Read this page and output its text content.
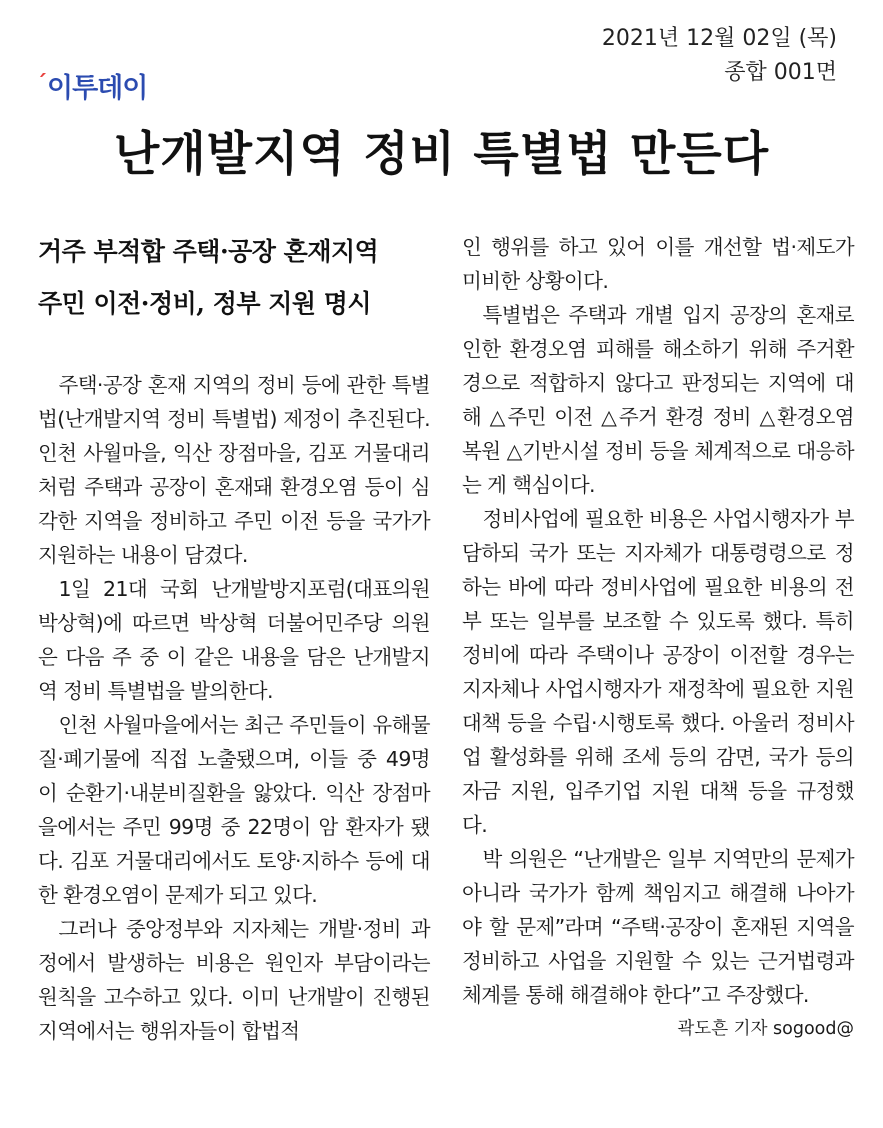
$^ˊ$이투데이
2021년 12월 02일 (목)
종합 001면
난개발지역 정비 특별법 만든다
거주 부적합 주택·공장 혼재지역
주민 이전·정비, 정부 지원 명시

주택·공장 혼재 지역의 정비 등에 관한 특별법(난개발지역 정비 특별법) 제정이 추진된다. 인천 사월마을, 익산 장점마을, 김포 거물대리처럼 주택과 공장이 혼재돼 환경오염 등이 심각한 지역을 정비하고 주민 이전 등을 국가가 지원하는 내용이 담겼다.

1일 21대 국회 난개발방지포럼(대표의원 박상혁)에 따르면 박상혁 더불어민주당 의원은 다음 주 중 이 같은 내용을 담은 난개발지역 정비 특별법을 발의한다.

인천 사월마을에서는 최근 주민들이 유해물질·폐기물에 직접 노출됐으며, 이들 중 49명이 순환기·내분비질환을 앓았다. 익산 장점마을에서는 주민 99명 중 22명이 암 환자가 됐다. 김포 거물대리에서도 토양·지하수 등에 대한 환경오염이 문제가 되고 있다.

그러나 중앙정부와 지자체는 개발·정비 과정에서 발생하는 비용은 원인자 부담이라는 원칙을 고수하고 있다. 이미 난개발이 진행된 지역에서는 행위자들이 합법적

인 행위를 하고 있어 이를 개선할 법·제도가 미비한 상황이다.

특별법은 주택과 개별 입지 공장의 혼재로 인한 환경오염 피해를 해소하기 위해 주거환경으로 적합하지 않다고 판정되는 지역에 대해 △주민 이전 △주거 환경 정비 △환경오염 복원 △기반시설 정비 등을 체계적으로 대응하는 게 핵심이다.

정비사업에 필요한 비용은 사업시행자가 부담하되 국가 또는 지자체가 대통령령으로 정하는 바에 따라 정비사업에 필요한 비용의 전부 또는 일부를 보조할 수 있도록 했다. 특히 정비에 따라 주택이나 공장이 이전할 경우는 지자체나 사업시행자가 재정착에 필요한 지원 대책 등을 수립·시행토록 했다. 아울러 정비사업 활성화를 위해 조세 등의 감면, 국가 등의 자금 지원, 입주기업 지원 대책 등을 규정했다.

박 의원은 “난개발은 일부 지역만의 문제가 아니라 국가가 함께 책임지고 해결해 나아가야 할 문제”라며 “주택·공장이 혼재된 지역을 정비하고 사업을 지원할 수 있는 근거법령과 체계를 통해 해결해야 한다”고 주장했다.
곽도흔 기자 sogood@
